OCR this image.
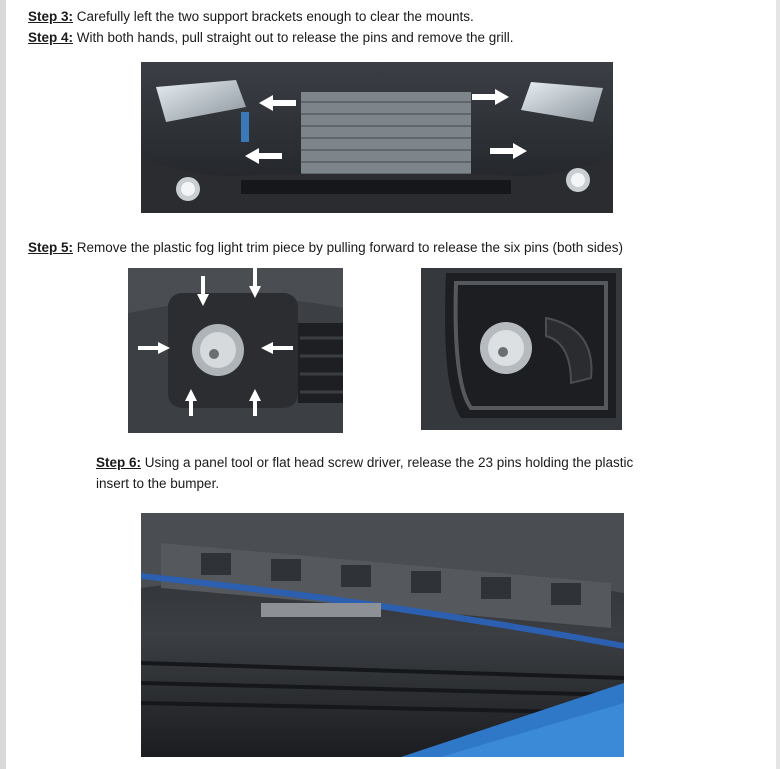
Step 3: Carefully left the two support brackets enough to clear the mounts.
Step 4: With both hands, pull straight out to release the pins and remove the grill.
Step 5: Remove the plastic fog light trim piece by pulling forward to release the six pins (both sides)
Step 6: Using a panel tool or flat head screw driver, release the 23 pins holding the plastic
insert to the bumper.
